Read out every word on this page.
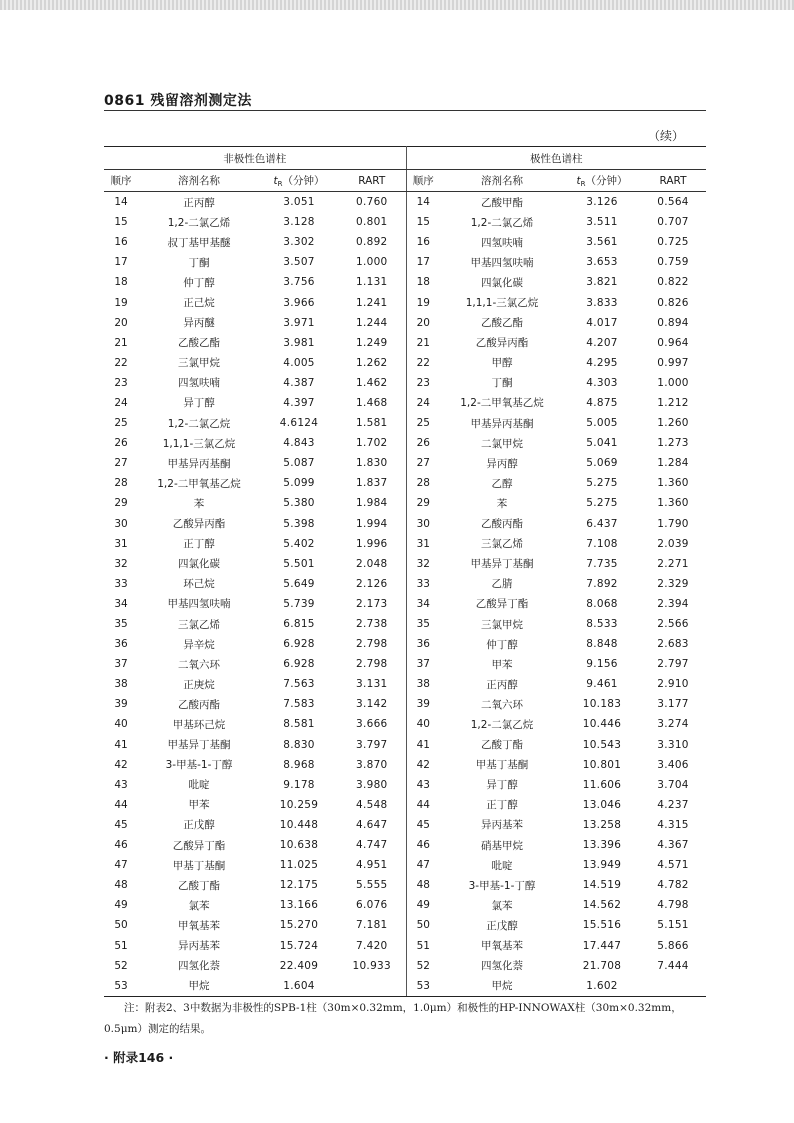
0861 残留溶剂测定法
（续）
非极性色谱柱				极性色谱柱			
顺序	溶剂名称	$t_R$（分钟）	RART	顺序	溶剂名称	$t_R$（分钟）	RART
14	正丙醇	3.051	0.760	14	乙酸甲酯	3.126	0.564
15	1,2-二氯乙烯	3.128	0.801	15	1,2-二氯乙烯	3.511	0.707
16	叔丁基甲基醚	3.302	0.892	16	四氢呋喃	3.561	0.725
17	丁酮	3.507	1.000	17	甲基四氢呋喃	3.653	0.759
18	仲丁醇	3.756	1.131	18	四氯化碳	3.821	0.822
19	正己烷	3.966	1.241	19	1,1,1-三氯乙烷	3.833	0.826
20	异丙醚	3.971	1.244	20	乙酸乙酯	4.017	0.894
21	乙酸乙酯	3.981	1.249	21	乙酸异丙酯	4.207	0.964
22	三氯甲烷	4.005	1.262	22	甲醇	4.295	0.997
23	四氢呋喃	4.387	1.462	23	丁酮	4.303	1.000
24	异丁醇	4.397	1.468	24	1,2-二甲氧基乙烷	4.875	1.212
25	1,2-二氯乙烷	4.6124	1.581	25	甲基异丙基酮	5.005	1.260
26	1,1,1-三氯乙烷	4.843	1.702	26	二氯甲烷	5.041	1.273
27	甲基异丙基酮	5.087	1.830	27	异丙醇	5.069	1.284
28	1,2-二甲氧基乙烷	5.099	1.837	28	乙醇	5.275	1.360
29	苯	5.380	1.984	29	苯	5.275	1.360
30	乙酸异丙酯	5.398	1.994	30	乙酸丙酯	6.437	1.790
31	正丁醇	5.402	1.996	31	三氯乙烯	7.108	2.039
32	四氯化碳	5.501	2.048	32	甲基异丁基酮	7.735	2.271
33	环己烷	5.649	2.126	33	乙腈	7.892	2.329
34	甲基四氢呋喃	5.739	2.173	34	乙酸异丁酯	8.068	2.394
35	三氯乙烯	6.815	2.738	35	三氯甲烷	8.533	2.566
36	异辛烷	6.928	2.798	36	仲丁醇	8.848	2.683
37	二氧六环	6.928	2.798	37	甲苯	9.156	2.797
38	正庚烷	7.563	3.131	38	正丙醇	9.461	2.910
39	乙酸丙酯	7.583	3.142	39	二氧六环	10.183	3.177
40	甲基环己烷	8.581	3.666	40	1,2-二氯乙烷	10.446	3.274
41	甲基异丁基酮	8.830	3.797	41	乙酸丁酯	10.543	3.310
42	3-甲基-1-丁醇	8.968	3.870	42	甲基丁基酮	10.801	3.406
43	吡啶	9.178	3.980	43	异丁醇	11.606	3.704
44	甲苯	10.259	4.548	44	正丁醇	13.046	4.237
45	正戊醇	10.448	4.647	45	异丙基苯	13.258	4.315
46	乙酸异丁酯	10.638	4.747	46	硝基甲烷	13.396	4.367
47	甲基丁基酮	11.025	4.951	47	吡啶	13.949	4.571
48	乙酸丁酯	12.175	5.555	48	3-甲基-1-丁醇	14.519	4.782
49	氯苯	13.166	6.076	49	氯苯	14.562	4.798
50	甲氧基苯	15.270	7.181	50	正戊醇	15.516	5.151
51	异丙基苯	15.724	7.420	51	甲氧基苯	17.447	5.866
52	四氢化萘	22.409	10.933	52	四氢化萘	21.708	7.444
53	甲烷	1.604		53	甲烷	1.602	
注：附表2、3中数据为非极性的SPB-1柱（30m×0.32mm，1.0μm）和极性的HP-INNOWAX柱（30m×0.32mm，0.5μm）测定的结果。
· 附录146 ·
